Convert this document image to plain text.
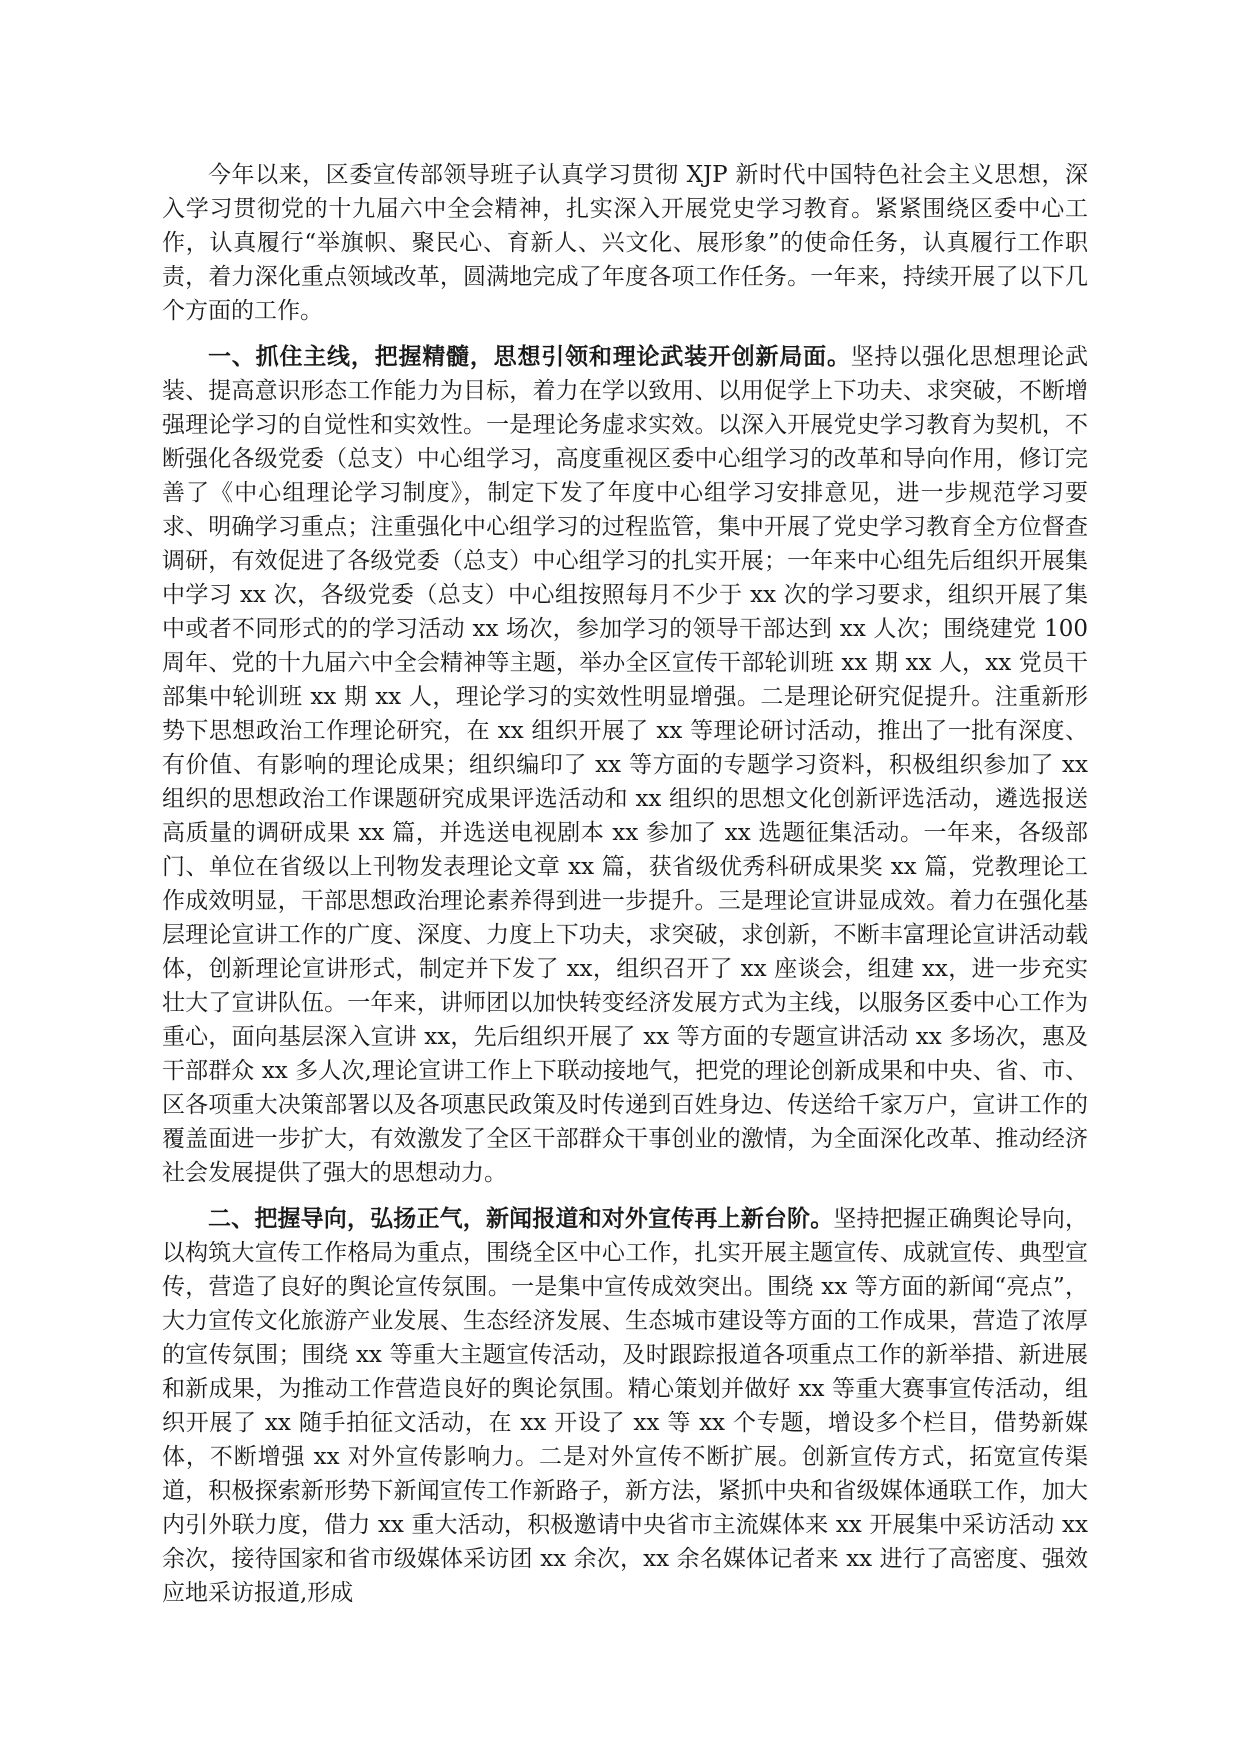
今年以来，区委宣传部领导班子认真学习贯彻 XJP 新时代中国特色社会主义思想，深入学习贯彻党的十九届六中全会精神，扎实深入开展党史学习教育。紧紧围绕区委中心工作，认真履行“举旗帜、聚民心、育新人、兴文化、展形象”的使命任务，认真履行工作职责，着力深化重点领域改革，圆满地完成了年度各项工作任务。一年来，持续开展了以下几个方面的工作。

一、抓住主线，把握精髓，思想引领和理论武装开创新局面。坚持以强化思想理论武装、提高意识形态工作能力为目标，着力在学以致用、以用促学上下功夫、求突破，不断增强理论学习的自觉性和实效性。一是理论务虚求实效。以深入开展党史学习教育为契机，不断强化各级党委（总支）中心组学习，高度重视区委中心组学习的改革和导向作用，修订完善了《中心组理论学习制度》，制定下发了年度中心组学习安排意见，进一步规范学习要求、明确学习重点；注重强化中心组学习的过程监管，集中开展了党史学习教育全方位督查调研，有效促进了各级党委（总支）中心组学习的扎实开展；一年来中心组先后组织开展集中学习 xx 次，各级党委（总支）中心组按照每月不少于 xx 次的学习要求，组织开展了集中或者不同形式的的学习活动 xx 场次，参加学习的领导干部达到 xx 人次；围绕建党 100 周年、党的十九届六中全会精神等主题，举办全区宣传干部轮训班 xx 期 xx 人，xx 党员干部集中轮训班 xx 期 xx 人，理论学习的实效性明显增强。二是理论研究促提升。注重新形势下思想政治工作理论研究，在 xx 组织开展了 xx 等理论研讨活动，推出了一批有深度、有价值、有影响的理论成果；组织编印了 xx 等方面的专题学习资料，积极组织参加了 xx 组织的思想政治工作课题研究成果评选活动和 xx 组织的思想文化创新评选活动，遴选报送高质量的调研成果 xx 篇，并选送电视剧本 xx 参加了 xx 选题征集活动。一年来，各级部门、单位在省级以上刊物发表理论文章 xx 篇，获省级优秀科研成果奖 xx 篇，党教理论工作成效明显，干部思想政治理论素养得到进一步提升。三是理论宣讲显成效。着力在强化基层理论宣讲工作的广度、深度、力度上下功夫，求突破，求创新，不断丰富理论宣讲活动载体，创新理论宣讲形式，制定并下发了 xx，组织召开了 xx 座谈会，组建 xx，进一步充实壮大了宣讲队伍。一年来，讲师团以加快转变经济发展方式为主线，以服务区委中心工作为重心，面向基层深入宣讲 xx，先后组织开展了 xx 等方面的专题宣讲活动 xx 多场次，惠及干部群众 xx 多人次,理论宣讲工作上下联动接地气，把党的理论创新成果和中央、省、市、区各项重大决策部署以及各项惠民政策及时传递到百姓身边、传送给千家万户，宣讲工作的覆盖面进一步扩大，有效激发了全区干部群众干事创业的激情，为全面深化改革、推动经济社会发展提供了强大的思想动力。

二、把握导向，弘扬正气，新闻报道和对外宣传再上新台阶。坚持把握正确舆论导向，以构筑大宣传工作格局为重点，围绕全区中心工作，扎实开展主题宣传、成就宣传、典型宣传，营造了良好的舆论宣传氛围。一是集中宣传成效突出。围绕 xx 等方面的新闻“亮点”，大力宣传文化旅游产业发展、生态经济发展、生态城市建设等方面的工作成果，营造了浓厚的宣传氛围；围绕 xx 等重大主题宣传活动，及时跟踪报道各项重点工作的新举措、新进展和新成果，为推动工作营造良好的舆论氛围。精心策划并做好 xx 等重大赛事宣传活动，组织开展了 xx 随手拍征文活动，在 xx 开设了 xx 等 xx 个专题，增设多个栏目，借势新媒体，不断增强 xx 对外宣传影响力。二是对外宣传不断扩展。创新宣传方式，拓宽宣传渠道，积极探索新形势下新闻宣传工作新路子，新方法，紧抓中央和省级媒体通联工作，加大内引外联力度，借力 xx 重大活动，积极邀请中央省市主流媒体来 xx 开展集中采访活动 xx 余次，接待国家和省市级媒体采访团 xx 余次，xx 余名媒体记者来 xx 进行了高密度、强效应地采访报道,形成
